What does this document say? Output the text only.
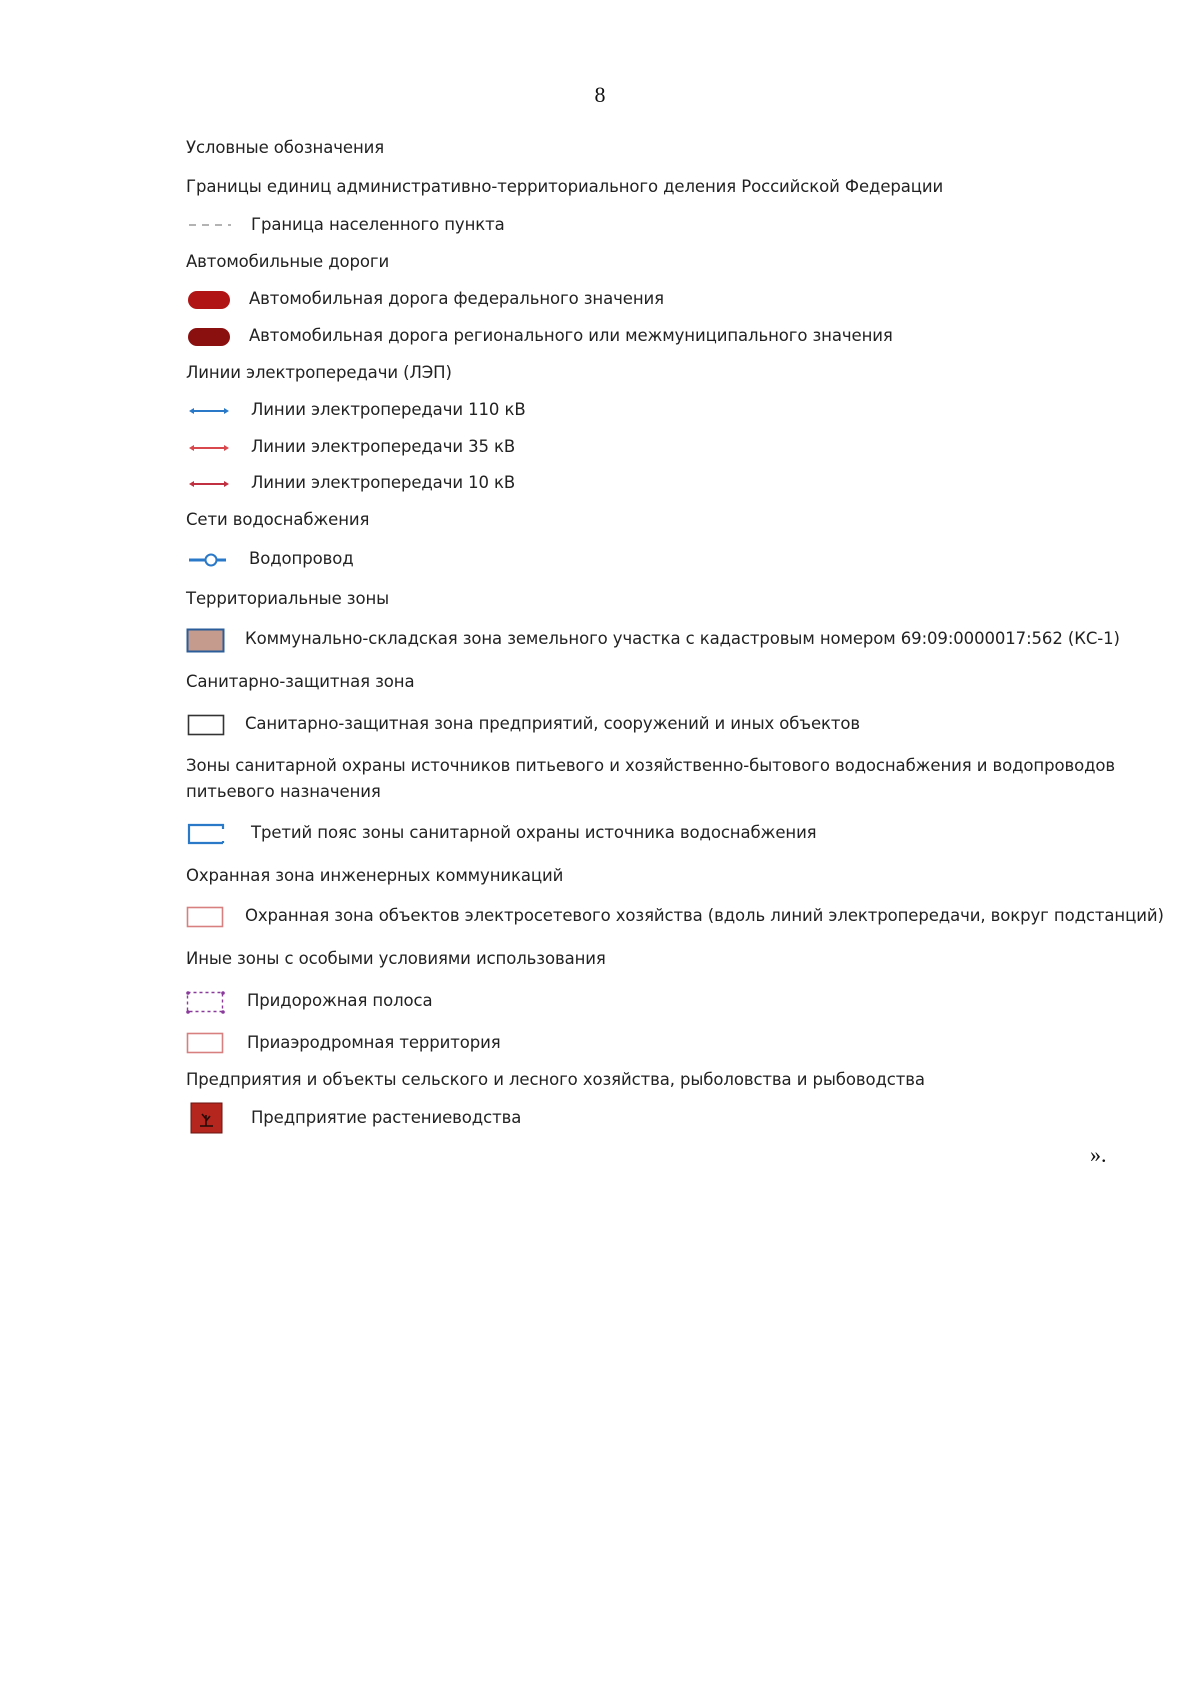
8
Условные обозначения
Границы единиц административно-территориального деления Российской Федерации
Граница населенного пункта
Автомобильные дороги
Автомобильная дорога федерального значения
Автомобильная дорога регионального или межмуниципального значения
Линии электропередачи (ЛЭП)
Линии электропередачи 110 кВ
Линии электропередачи 35 кВ
Линии электропередачи 10 кВ
Сети водоснабжения
Водопровод
Территориальные зоны
Коммунально-складская зона земельного участка с кадастровым номером 69:09:0000017:562 (КС-1)
Санитарно-защитная зона
Санитарно-защитная зона предприятий, сооружений и иных объектов
Зоны санитарной охраны источников питьевого и хозяйственно-бытового водоснабжения и водопроводов
питьевого назначения
Третий пояс зоны санитарной охраны источника водоснабжения
Охранная зона инженерных коммуникаций
Охранная зона объектов электросетевого хозяйства (вдоль линий электропередачи, вокруг подстанций)
Иные зоны с особыми условиями использования
Придорожная полоса
Приаэродромная территория
Предприятия и объекты сельского и лесного хозяйства, рыболовства и рыбоводства
Предприятие растениеводства
».
